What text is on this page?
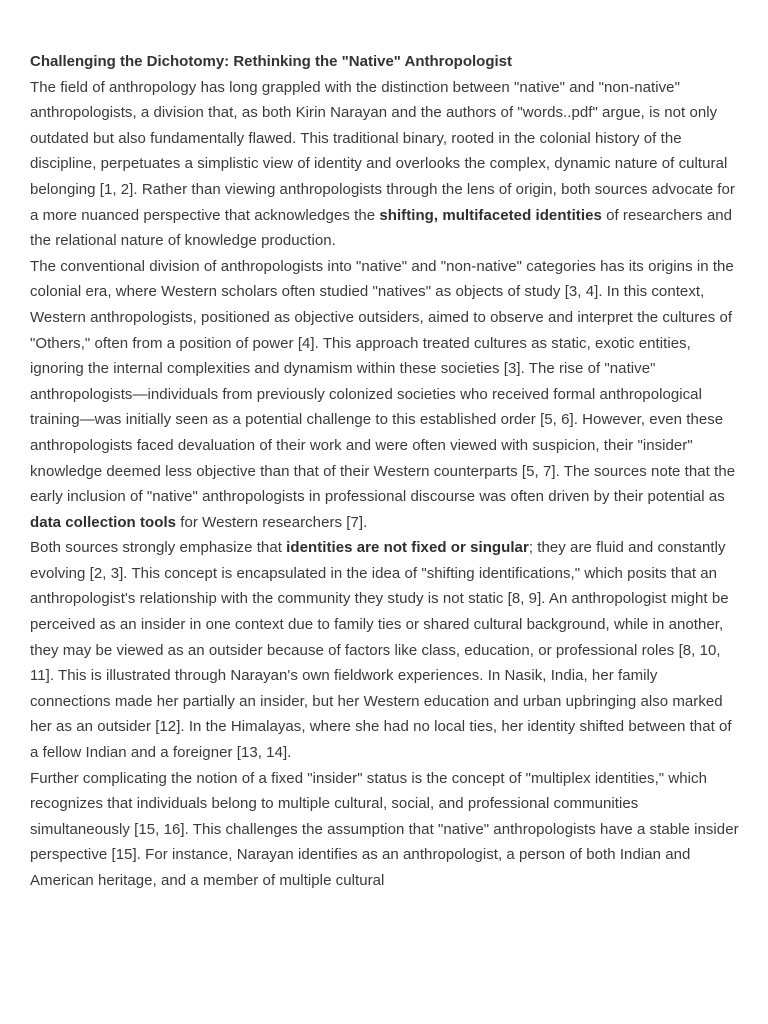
Challenging the Dichotomy: Rethinking the "Native" Anthropologist

The field of anthropology has long grappled with the distinction between "native" and "non-native" anthropologists, a division that, as both Kirin Narayan and the authors of "words..pdf" argue, is not only outdated but also fundamentally flawed. This traditional binary, rooted in the colonial history of the discipline, perpetuates a simplistic view of identity and overlooks the complex, dynamic nature of cultural belonging [1, 2]. Rather than viewing anthropologists through the lens of origin, both sources advocate for a more nuanced perspective that acknowledges the shifting, multifaceted identities of researchers and the relational nature of knowledge production.

The conventional division of anthropologists into "native" and "non-native" categories has its origins in the colonial era, where Western scholars often studied "natives" as objects of study [3, 4]. In this context, Western anthropologists, positioned as objective outsiders, aimed to observe and interpret the cultures of "Others," often from a position of power [4]. This approach treated cultures as static, exotic entities, ignoring the internal complexities and dynamism within these societies [3]. The rise of "native" anthropologists—individuals from previously colonized societies who received formal anthropological training—was initially seen as a potential challenge to this established order [5, 6]. However, even these anthropologists faced devaluation of their work and were often viewed with suspicion, their "insider" knowledge deemed less objective than that of their Western counterparts [5, 7]. The sources note that the early inclusion of "native" anthropologists in professional discourse was often driven by their potential as data collection tools for Western researchers [7].

Both sources strongly emphasize that identities are not fixed or singular; they are fluid and constantly evolving [2, 3]. This concept is encapsulated in the idea of "shifting identifications," which posits that an anthropologist's relationship with the community they study is not static [8, 9]. An anthropologist might be perceived as an insider in one context due to family ties or shared cultural background, while in another, they may be viewed as an outsider because of factors like class, education, or professional roles [8, 10, 11]. This is illustrated through Narayan's own fieldwork experiences. In Nasik, India, her family connections made her partially an insider, but her Western education and urban upbringing also marked her as an outsider [12]. In the Himalayas, where she had no local ties, her identity shifted between that of a fellow Indian and a foreigner [13, 14].

Further complicating the notion of a fixed "insider" status is the concept of "multiplex identities," which recognizes that individuals belong to multiple cultural, social, and professional communities simultaneously [15, 16]. This challenges the assumption that "native" anthropologists have a stable insider perspective [15]. For instance, Narayan identifies as an anthropologist, a person of both Indian and American heritage, and a member of multiple cultural
